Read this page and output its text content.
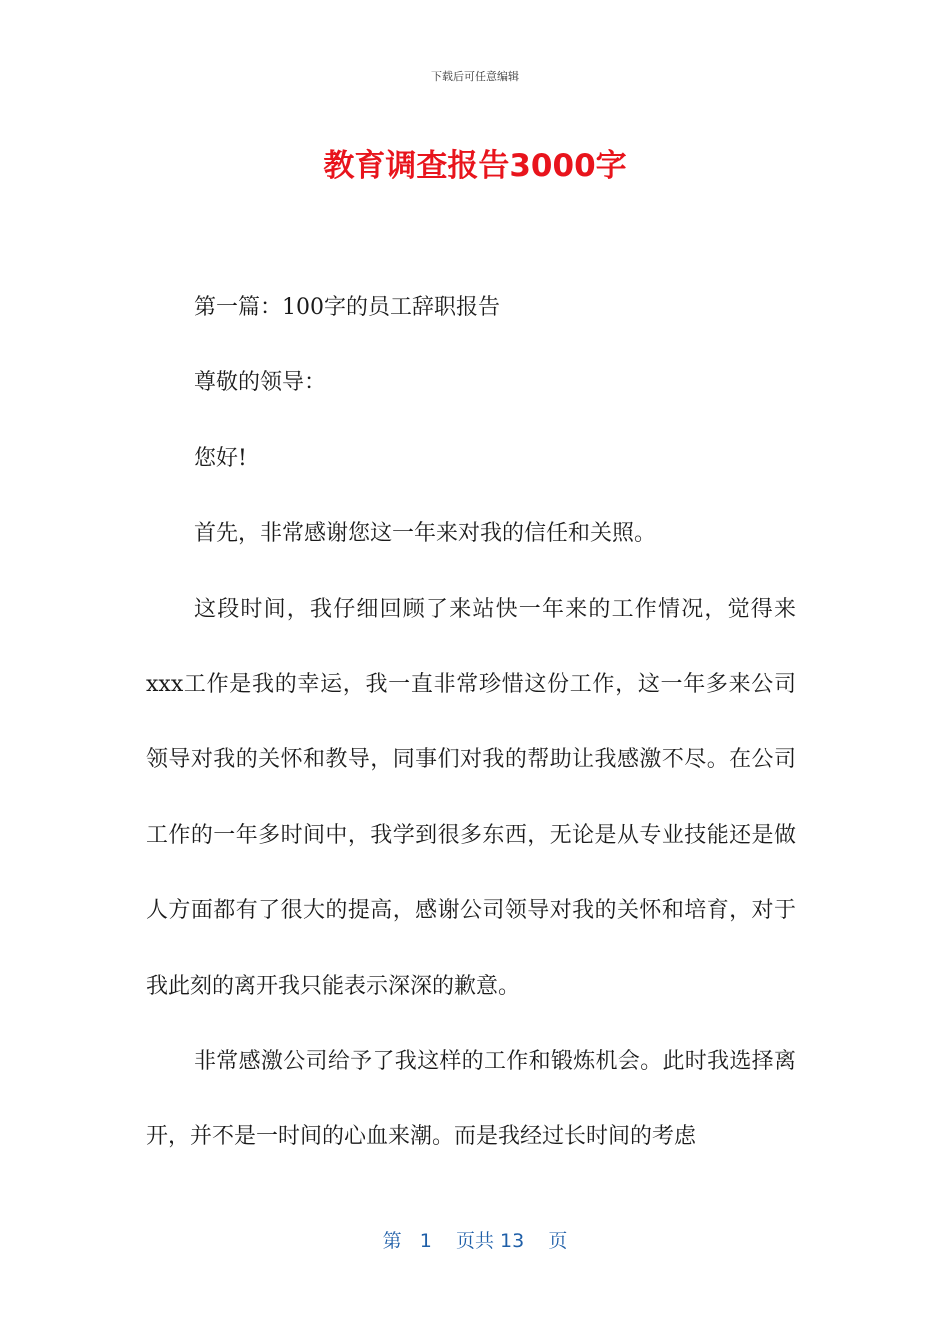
下载后可任意编辑
教育调查报告3000字

第一篇：100字的员工辞职报告

尊敬的领导：

您好!

首先，非常感谢您这一年来对我的信任和关照。

这段时间，我仔细回顾了来站快一年来的工作情况，觉得来xxx工作是我的幸运，我一直非常珍惜这份工作，这一年多来公司领导对我的关怀和教导，同事们对我的帮助让我感激不尽。在公司工作的一年多时间中，我学到很多东西，无论是从专业技能还是做人方面都有了很大的提高，感谢公司领导对我的关怀和培育，对于我此刻的离开我只能表示深深的歉意。

非常感激公司给予了我这样的工作和锻炼机会。此时我选择离开，并不是一时间的心血来潮。而是我经过长时间的考虑

第 1 页共 13 页
